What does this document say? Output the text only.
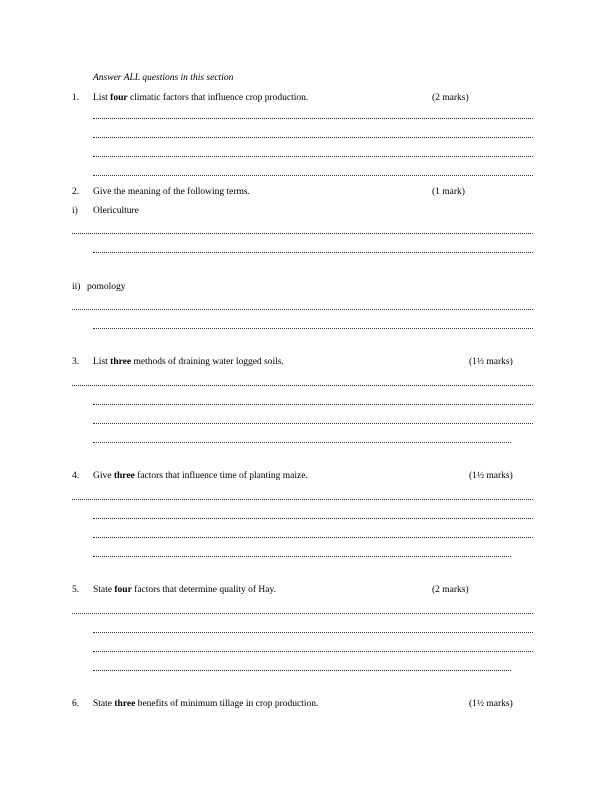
Answer ALL questions in this section
1. List four climatic factors that influence crop production.	(2 marks)
2. Give the meaning of the following terms.	(1 mark)
i) Olericulture
ii) pomology
3. List three methods of draining water logged soils.	(1½ marks)
4. Give three factors that influence time of planting maize.	(1½ marks)
5. State four factors that determine quality of Hay.	(2 marks)
6. State three benefits of minimum tillage in crop production.	(1½ marks)
